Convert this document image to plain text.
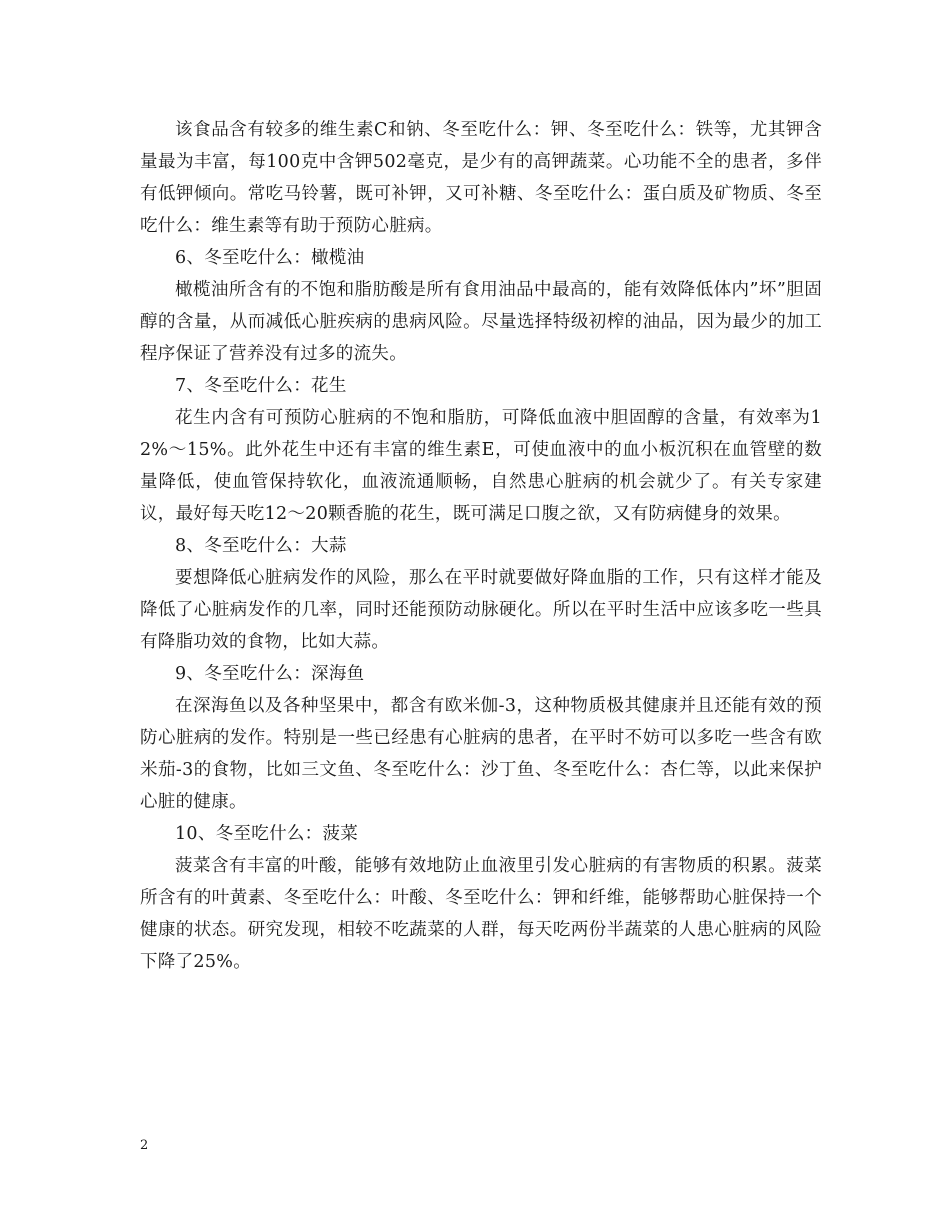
该食品含有较多的维生素C和钠、冬至吃什么：钾、冬至吃什么：铁等，尤其钾含量最为丰富，每100克中含钾502毫克，是少有的高钾蔬菜。心功能不全的患者，多伴有低钾倾向。常吃马铃薯，既可补钾，又可补糖、冬至吃什么：蛋白质及矿物质、冬至吃什么：维生素等有助于预防心脏病。

6、冬至吃什么：橄榄油

橄榄油所含有的不饱和脂肪酸是所有食用油品中最高的，能有效降低体内”坏”胆固醇的含量，从而减低心脏疾病的患病风险。尽量选择特级初榨的油品，因为最少的加工程序保证了营养没有过多的流失。

7、冬至吃什么：花生

花生内含有可预防心脏病的不饱和脂肪，可降低血液中胆固醇的含量，有效率为12%～15%。此外花生中还有丰富的维生素E，可使血液中的血小板沉积在血管壁的数量降低，使血管保持软化，血液流通顺畅，自然患心脏病的机会就少了。有关专家建议，最好每天吃12～20颗香脆的花生，既可满足口腹之欲，又有防病健身的效果。

8、冬至吃什么：大蒜

要想降低心脏病发作的风险，那么在平时就要做好降血脂的工作，只有这样才能及降低了心脏病发作的几率，同时还能预防动脉硬化。所以在平时生活中应该多吃一些具有降脂功效的食物，比如大蒜。

9、冬至吃什么：深海鱼

在深海鱼以及各种坚果中，都含有欧米伽-3，这种物质极其健康并且还能有效的预防心脏病的发作。特别是一些已经患有心脏病的患者，在平时不妨可以多吃一些含有欧米茄-3的食物，比如三文鱼、冬至吃什么：沙丁鱼、冬至吃什么：杏仁等，以此来保护心脏的健康。

10、冬至吃什么：菠菜

菠菜含有丰富的叶酸，能够有效地防止血液里引发心脏病的有害物质的积累。菠菜所含有的叶黄素、冬至吃什么：叶酸、冬至吃什么：钾和纤维，能够帮助心脏保持一个健康的状态。研究发现，相较不吃蔬菜的人群，每天吃两份半蔬菜的人患心脏病的风险下降了25%。

2
